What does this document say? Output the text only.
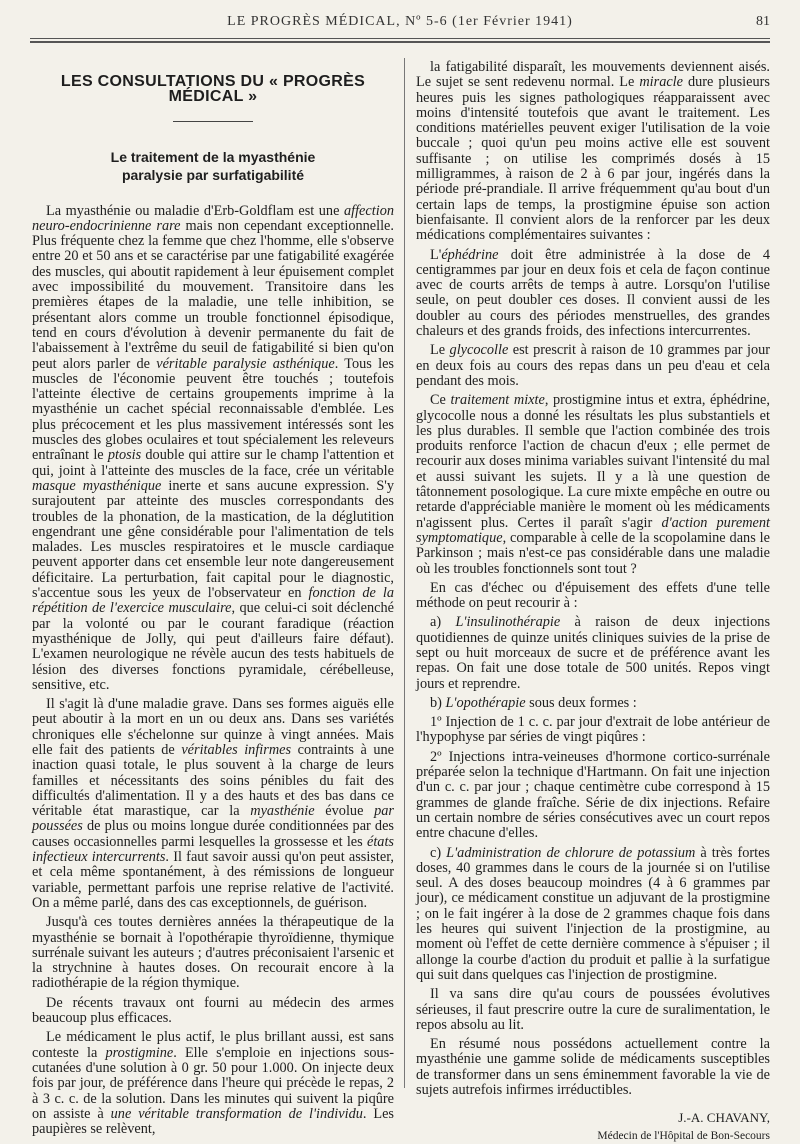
LE PROGRÈS MÉDICAL, Nº 5-6 (1er Février 1941)	81
LES CONSULTATIONS DU « PROGRÈS MÉDICAL »
Le traitement de la myasthénie
paralysie par surfatigabilité

La myasthénie ou maladie d'Erb-Goldflam est une affection neuro-endocrinienne rare mais non cependant exceptionnelle. Plus fréquente chez la femme que chez l'homme, elle s'observe entre 20 et 50 ans et se caractérise par une fatigabilité exagérée des muscles, qui aboutit rapidement à leur épuisement complet avec impossibilité du mouvement. Transitoire dans les premières étapes de la maladie, une telle inhibition, se présentant alors comme un trouble fonctionnel épisodique, tend en cours d'évolution à devenir permanente du fait de l'abaissement à l'extrême du seuil de fatigabilité si bien qu'on peut alors parler de véritable paralysie asthénique. Tous les muscles de l'économie peuvent être touchés ; toutefois l'atteinte élective de certains groupements imprime à la myasthénie un cachet spécial reconnaissable d'emblée. Les plus précocement et les plus massivement intéressés sont les muscles des globes oculaires et tout spécialement les releveurs entraînant le ptosis double qui attire sur le champ l'attention et qui, joint à l'atteinte des muscles de la face, crée un véritable masque myasthénique inerte et sans aucune expression. S'y surajoutent par atteinte des muscles correspondants des troubles de la phonation, de la mastication, de la déglutition engendrant une gêne considérable pour l'alimentation de tels malades. Les muscles respiratoires et le muscle cardiaque peuvent apporter dans cet ensemble leur note dangereusement déficitaire. La perturbation, fait capital pour le diagnostic, s'accentue sous les yeux de l'observateur en fonction de la répétition de l'exercice musculaire, que celui-ci soit déclenché par la volonté ou par le courant faradique (réaction myasthénique de Jolly, qui peut d'ailleurs faire défaut). L'examen neurologique ne révèle aucun des tests habituels de lésion des diverses fonctions pyramidale, cérébelleuse, sensitive, etc.

Il s'agit là d'une maladie grave. Dans ses formes aiguës elle peut aboutir à la mort en un ou deux ans. Dans ses variétés chroniques elle s'échelonne sur quinze à vingt années. Mais elle fait des patients de véritables infirmes contraints à une inaction quasi totale, le plus souvent à la charge de leurs familles et nécessitants des soins pénibles du fait des difficultés d'alimentation. Il y a des hauts et des bas dans ce véritable état marastique, car la myasthénie évolue par poussées de plus ou moins longue durée conditionnées par des causes occasionnelles parmi lesquelles la grossesse et les états infectieux intercurrents. Il faut savoir aussi qu'on peut assister, et cela même spontanément, à des rémissions de longueur variable, permettant parfois une reprise relative de l'activité. On a même parlé, dans des cas exceptionnels, de guérison.

Jusqu'à ces toutes dernières années la thérapeutique de la myasthénie se bornait à l'opothérapie thyroïdienne, thymique surrénale suivant les auteurs ; d'autres préconisaient l'arsenic et la strychnine à hautes doses. On recourait encore à la radiothérapie de la région thymique.

De récents travaux ont fourni au médecin des armes beaucoup plus efficaces.

Le médicament le plus actif, le plus brillant aussi, est sans conteste la prostigmine. Elle s'emploie en injections sous-cutanées d'une solution à 0 gr. 50 pour 1.000. On injecte deux fois par jour, de préférence dans l'heure qui précède le repas, 2 à 3 c. c. de la solution. Dans les minutes qui suivent la piqûre on assiste à une véritable transformation de l'individu. Les paupières se relèvent,

la fatigabilité disparaît, les mouvements deviennent aisés. Le sujet se sent redevenu normal. Le miracle dure plusieurs heures puis les signes pathologiques réapparaissent avec moins d'intensité toutefois que avant le traitement. Les conditions matérielles peuvent exiger l'utilisation de la voie buccale ; quoi qu'un peu moins active elle est souvent suffisante ; on utilise les comprimés dosés à 15 milligrammes, à raison de 2 à 6 par jour, ingérés dans la période pré-prandiale. Il arrive fréquemment qu'au bout d'un certain laps de temps, la prostigmine épuise son action bienfaisante. Il convient alors de la renforcer par les deux médications complémentaires suivantes :

L'éphédrine doit être administrée à la dose de 4 centigrammes par jour en deux fois et cela de façon continue avec de courts arrêts de temps à autre. Lorsqu'on l'utilise seule, on peut doubler ces doses. Il convient aussi de les doubler au cours des périodes menstruelles, des grandes chaleurs et des grands froids, des infections intercurrentes.

Le glycocolle est prescrit à raison de 10 grammes par jour en deux fois au cours des repas dans un peu d'eau et cela pendant des mois.

Ce traitement mixte, prostigmine intus et extra, éphédrine, glycocolle nous a donné les résultats les plus substantiels et les plus durables. Il semble que l'action combinée des trois produits renforce l'action de chacun d'eux ; elle permet de recourir aux doses minima variables suivant l'intensité du mal et aussi suivant les sujets. Il y a là une question de tâtonnement posologique. La cure mixte empêche en outre ou retarde d'appréciable manière le moment où les médicaments n'agissent plus. Certes il paraît s'agir d'action purement symptomatique, comparable à celle de la scopolamine dans le Parkinson ; mais n'est-ce pas considérable dans une maladie où les troubles fonctionnels sont tout ?

En cas d'échec ou d'épuisement des effets d'une telle méthode on peut recourir à :

a) L'insulinothérapie à raison de deux injections quotidiennes de quinze unités cliniques suivies de la prise de sept ou huit morceaux de sucre et de préférence avant les repas. On fait une dose totale de 500 unités. Repos vingt jours et reprendre.

b) L'opothérapie sous deux formes :

1º Injection de 1 c. c. par jour d'extrait de lobe antérieur de l'hypophyse par séries de vingt piqûres :

2º Injections intra-veineuses d'hormone cortico-surrénale préparée selon la technique d'Hartmann. On fait une injection d'un c. c. par jour ; chaque centimètre cube correspond à 15 grammes de glande fraîche. Série de dix injections. Refaire un certain nombre de séries consécutives avec un court repos entre chacune d'elles.

c) L'administration de chlorure de potassium à très fortes doses, 40 grammes dans le cours de la journée si on l'utilise seul. A des doses beaucoup moindres (4 à 6 grammes par jour), ce médicament constitue un adjuvant de la prostigmine ; on le fait ingérer à la dose de 2 grammes chaque fois dans les heures qui suivent l'injection de la prostigmine, au moment où l'effet de cette dernière commence à s'épuiser ; il allonge la courbe d'action du produit et pallie à la surfatigue qui suit dans quelques cas l'injection de prostigmine.

Il va sans dire qu'au cours de poussées évolutives sérieuses, il faut prescrire outre la cure de suralimentation, le repos absolu au lit.

En résumé nous possédons actuellement contre la myasthénie une gamme solide de médicaments susceptibles de transformer dans un sens éminemment favorable la vie de sujets autrefois infirmes irréductibles.

J.-A. CHAVANY,
Médecin de l'Hôpital de Bon-Secours
